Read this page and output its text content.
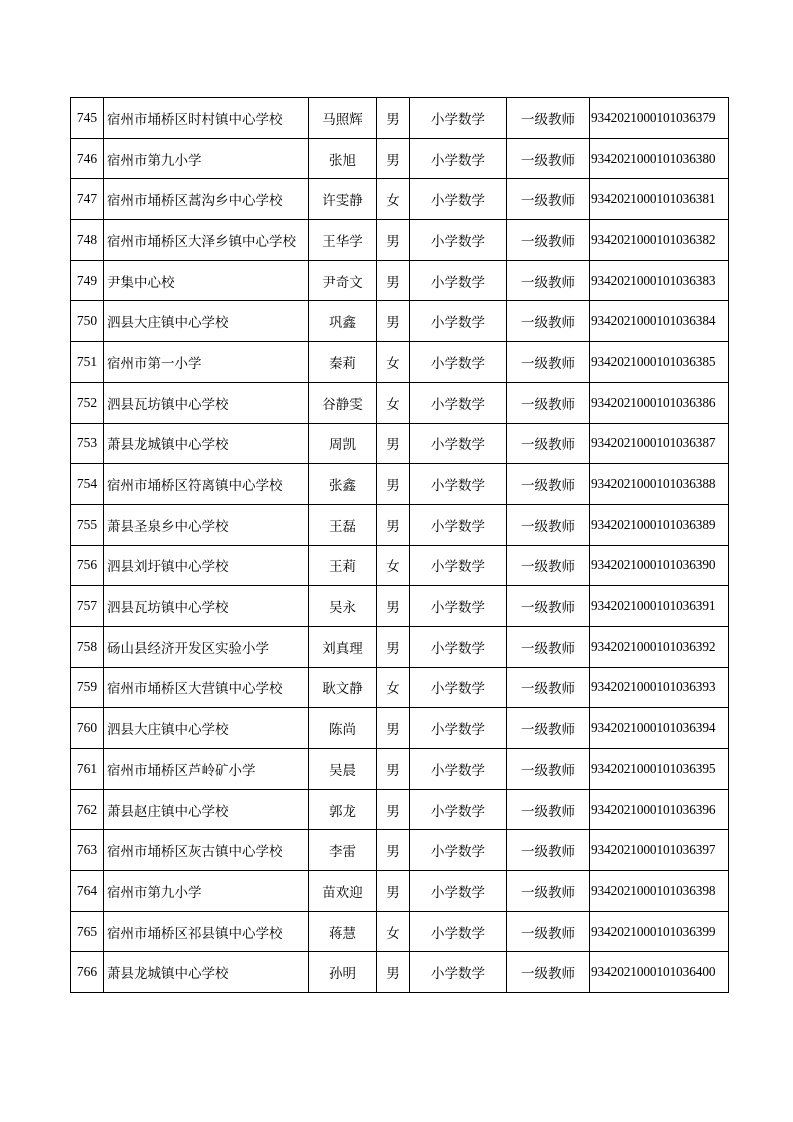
745	宿州市埇桥区时村镇中心学校	马照辉	男	小学数学	一级教师	9342021000101036379
746	宿州市第九小学	张旭	男	小学数学	一级教师	9342021000101036380
747	宿州市埇桥区蒿沟乡中心学校	许雯静	女	小学数学	一级教师	9342021000101036381
748	宿州市埇桥区大泽乡镇中心学校	王华学	男	小学数学	一级教师	9342021000101036382
749	尹集中心校	尹奇文	男	小学数学	一级教师	9342021000101036383
750	泗县大庄镇中心学校	巩鑫	男	小学数学	一级教师	9342021000101036384
751	宿州市第一小学	秦莉	女	小学数学	一级教师	9342021000101036385
752	泗县瓦坊镇中心学校	谷静雯	女	小学数学	一级教师	9342021000101036386
753	萧县龙城镇中心学校	周凯	男	小学数学	一级教师	9342021000101036387
754	宿州市埇桥区符离镇中心学校	张鑫	男	小学数学	一级教师	9342021000101036388
755	萧县圣泉乡中心学校	王磊	男	小学数学	一级教师	9342021000101036389
756	泗县刘圩镇中心学校	王莉	女	小学数学	一级教师	9342021000101036390
757	泗县瓦坊镇中心学校	吴永	男	小学数学	一级教师	9342021000101036391
758	砀山县经济开发区实验小学	刘真理	男	小学数学	一级教师	9342021000101036392
759	宿州市埇桥区大营镇中心学校	耿文静	女	小学数学	一级教师	9342021000101036393
760	泗县大庄镇中心学校	陈尚	男	小学数学	一级教师	9342021000101036394
761	宿州市埇桥区芦岭矿小学	吴晨	男	小学数学	一级教师	9342021000101036395
762	萧县赵庄镇中心学校	郭龙	男	小学数学	一级教师	9342021000101036396
763	宿州市埇桥区灰古镇中心学校	李雷	男	小学数学	一级教师	9342021000101036397
764	宿州市第九小学	苗欢迎	男	小学数学	一级教师	9342021000101036398
765	宿州市埇桥区祁县镇中心学校	蒋慧	女	小学数学	一级教师	9342021000101036399
766	萧县龙城镇中心学校	孙明	男	小学数学	一级教师	9342021000101036400
